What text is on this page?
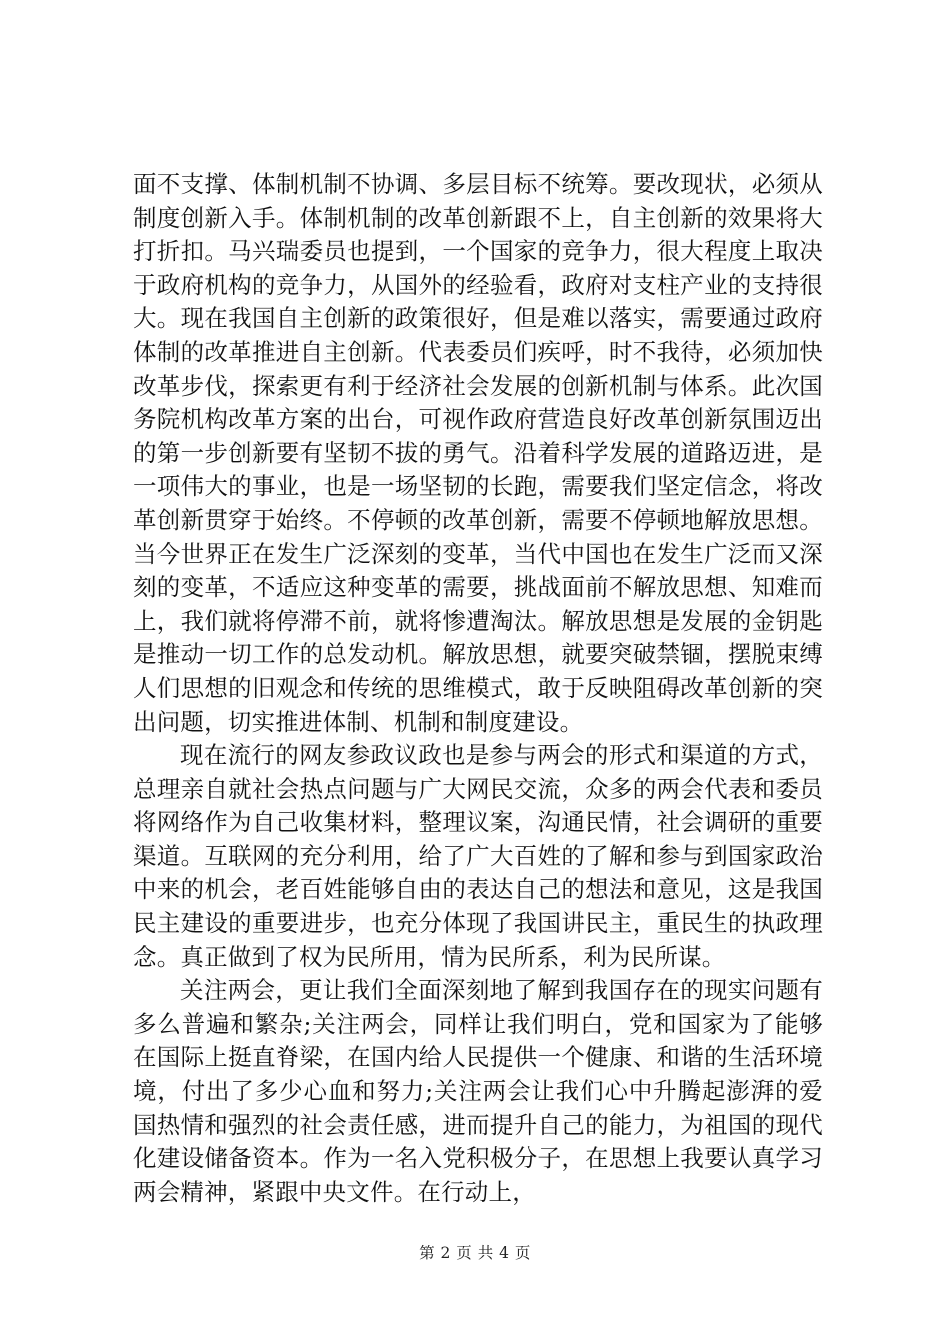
面不支撑、体制机制不协调、多层目标不统筹。要改现状，必须从制度创新入手。体制机制的改革创新跟不上，自主创新的效果将大打折扣。马兴瑞委员也提到，一个国家的竞争力，很大程度上取决于政府机构的竞争力，从国外的经验看，政府对支柱产业的支持很大。现在我国自主创新的政策很好，但是难以落实，需要通过政府体制的改革推进自主创新。代表委员们疾呼，时不我待，必须加快改革步伐，探索更有利于经济社会发展的创新机制与体系。此次国务院机构改革方案的出台，可视作政府营造良好改革创新氛围迈出的第一步创新要有坚韧不拔的勇气。沿着科学发展的道路迈进，是一项伟大的事业，也是一场坚韧的长跑，需要我们坚定信念，将改革创新贯穿于始终。不停顿的改革创新，需要不停顿地解放思想。当今世界正在发生广泛深刻的变革，当代中国也在发生广泛而又深刻的变革，不适应这种变革的需要，挑战面前不解放思想、知难而上，我们就将停滞不前，就将惨遭淘汰。解放思想是发展的金钥匙是推动一切工作的总发动机。解放思想，就要突破禁锢，摆脱束缚人们思想的旧观念和传统的思维模式，敢于反映阻碍改革创新的突出问题，切实推进体制、机制和制度建设。

现在流行的网友参政议政也是参与两会的形式和渠道的方式，总理亲自就社会热点问题与广大网民交流，众多的两会代表和委员将网络作为自己收集材料，整理议案，沟通民情，社会调研的重要渠道。互联网的充分利用，给了广大百姓的了解和参与到国家政治中来的机会，老百姓能够自由的表达自己的想法和意见，这是我国民主建设的重要进步，也充分体现了我国讲民主，重民生的执政理念。真正做到了权为民所用，情为民所系，利为民所谋。

关注两会，更让我们全面深刻地了解到我国存在的现实问题有多么普遍和繁杂;关注两会，同样让我们明白，党和国家为了能够在国际上挺直脊梁，在国内给人民提供一个健康、和谐的生活环境境，付出了多少心血和努力;关注两会让我们心中升腾起澎湃的爱国热情和强烈的社会责任感，进而提升自己的能力，为祖国的现代化建设储备资本。作为一名入党积极分子，在思想上我要认真学习两会精神，紧跟中央文件。在行动上，

第 2 页 共 4 页
